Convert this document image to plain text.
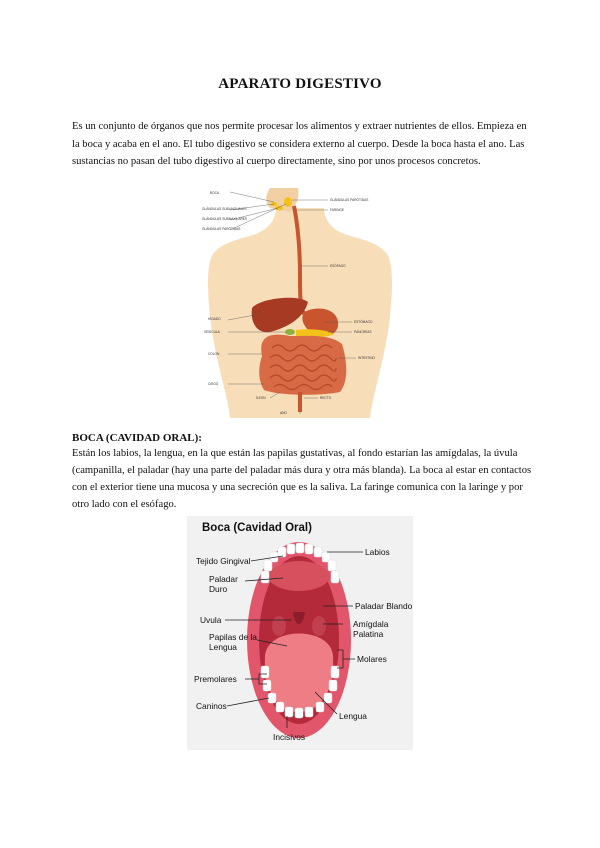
APARATO DIGESTIVO
Es un conjunto de órganos que nos permite procesar los alimentos y extraer nutrientes de ellos. Empieza en la boca y acaba en el ano. El tubo digestivo se considera externo al cuerpo. Desde la boca hasta el ano. Las sustancias no pasan del tubo digestivo al cuerpo directamente, sino por unos procesos concretos.
BOCA
GLÁNDULAS SUBLINGUALES
GLÁNDULAS SUBMAXILARES
GLÁNDULAS PARÓTIDAS
GLÁNDULAS PARÓTIDAS
FARINGE
ESÓFAGO
HÍGADO
VESÍCULA
ESTÓMAGO
PÁNCREAS
COLON
INTESTINO
CIEGO
ÍLEON	RECTO
ANO
BOCA (CAVIDAD ORAL):
Están los labios, la lengua, en la que están las papilas gustativas, al fondo estarían las amígdalas, la úvula (campanilla, el paladar (hay una parte del paladar más dura y otra más blanda). La boca al estar en contactos con el exterior tiene una mucosa y una secreción que es la saliva. La faringe comunica con la laringe y por otro lado con el esófago.
Boca (Cavidad Oral)
Labios
Tejido Gingival
Paladar
Duro
Paladar Blando
Uvula	Amígdala
Palatina
Papilas de la
Lengua
Molares
Premolares
Caninos
Lengua
Incisivos
